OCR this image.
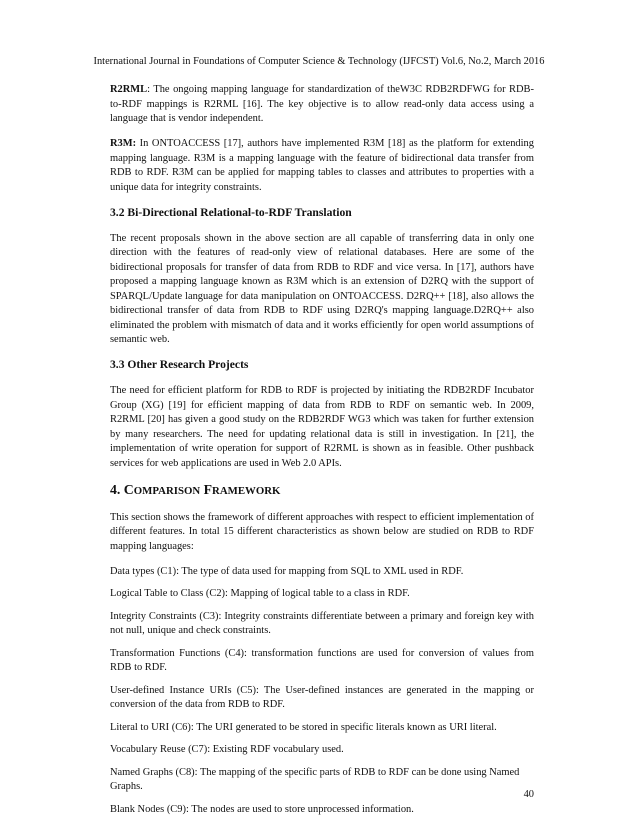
International Journal in Foundations of Computer Science & Technology (IJFCST) Vol.6, No.2, March 2016

R2RML: The ongoing mapping language for standardization of theW3C RDB2RDFWG for RDB-to-RDF mappings is R2RML [16]. The key objective is to allow read-only data access using a language that is vendor independent.

R3M: In ONTOACCESS [17], authors have implemented R3M [18] as the platform for extending mapping language. R3M is a mapping language with the feature of bidirectional data transfer from RDB to RDF. R3M can be applied for mapping tables to classes and attributes to properties with a unique data for integrity constraints.

3.2 Bi-Directional Relational-to-RDF Translation

The recent proposals shown in the above section are all capable of transferring data in only one direction with the features of read-only view of relational databases. Here are some of the bidirectional proposals for transfer of data from RDB to RDF and vice versa. In [17], authors have proposed a mapping language known as R3M which is an extension of D2RQ with the support of SPARQL/Update language for data manipulation on ONTOACCESS. D2RQ++ [18], also allows the bidirectional transfer of data from RDB to RDF using D2RQ's mapping language.D2RQ++ also eliminated the problem with mismatch of data and it works efficiently for open world assumptions of semantic web.

3.3 Other Research Projects

The need for efficient platform for RDB to RDF is projected by initiating the RDB2RDF Incubator Group (XG) [19] for efficient mapping of data from RDB to RDF on semantic web. In 2009, R2RML [20] has given a good study on the RDB2RDF WG3 which was taken for further extension by many researchers. The need for updating relational data is still in investigation. In [21], the implementation of write operation for support of R2RML is shown as in feasible. Other pushback services for web applications are used in Web 2.0 APIs.

4. COMPARISON FRAMEWORK

This section shows the framework of different approaches with respect to efficient implementation of different features. In total 15 different characteristics as shown below are studied on RDB to RDF mapping languages:

Data types (C1): The type of data used for mapping from SQL to XML used in RDF.

Logical Table to Class (C2): Mapping of logical table to a class in RDF.

Integrity Constraints (C3): Integrity constraints differentiate between a primary and foreign key with not null, unique and check constraints.

Transformation Functions (C4): transformation functions are used for conversion of values from RDB to RDF.

User-defined Instance URIs (C5): The User-defined instances are generated in the mapping or conversion of the data from RDB to RDF.

Literal to URI (C6): The URI generated to be stored in specific literals known as URI literal.

Vocabulary Reuse (C7): Existing RDF vocabulary used.

Named Graphs (C8): The mapping of the specific parts of RDB to RDF can be done using Named Graphs.

Blank Nodes (C9): The nodes are used to store unprocessed information.

40
